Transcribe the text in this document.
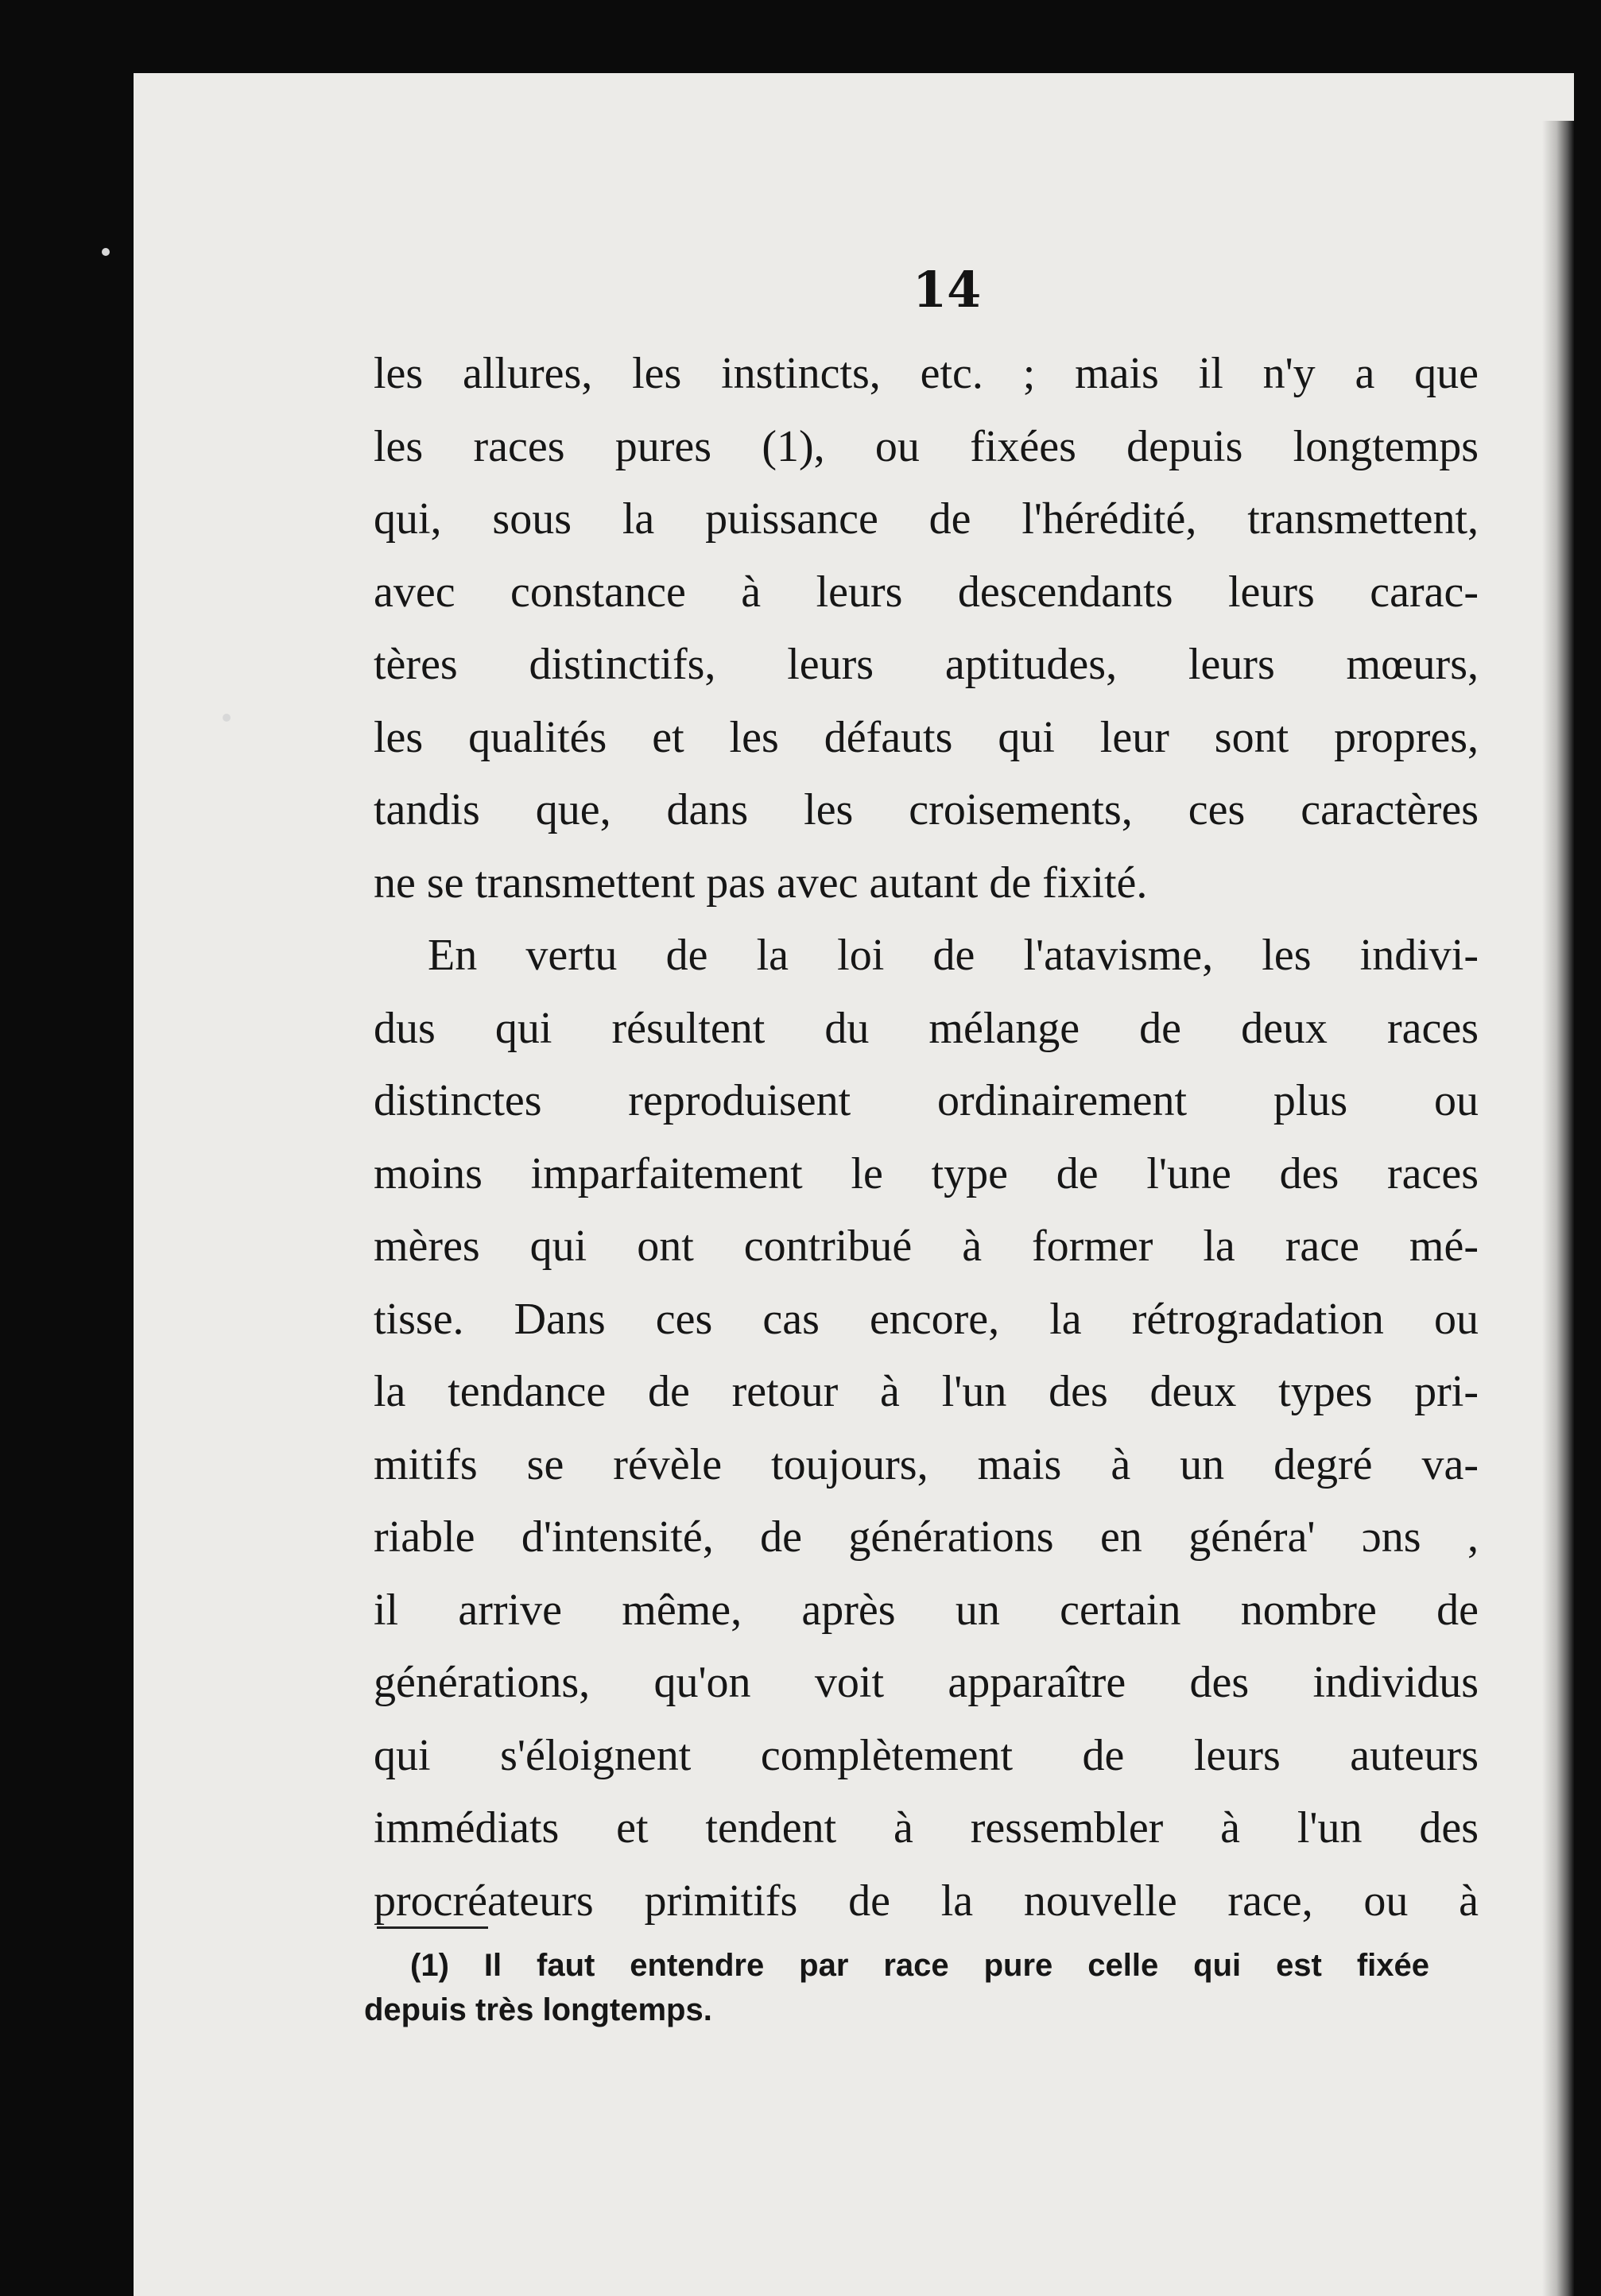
14
les allures, les instincts, etc. ; mais il n'y a que
les races pures (1), ou fixées depuis longtemps
qui, sous la puissance de l'hérédité, transmettent,
avec constance à leurs descendants leurs carac-
tères distinctifs, leurs aptitudes, leurs mœurs,
les qualités et les défauts qui leur sont propres,
tandis que, dans les croisements, ces caractères
ne se transmettent pas avec autant de fixité.
En vertu de la loi de l'atavisme, les indivi-
dus qui résultent du mélange de deux races
distinctes reproduisent ordinairement plus ou
moins imparfaitement le type de l'une des races
mères qui ont contribué à former la race mé-
tisse. Dans ces cas encore, la rétrogradation ou
la tendance de retour à l'un des deux types pri-
mitifs se révèle toujours, mais à un degré va-
riable d'intensité, de générations en généra' ɔns ,
il arrive même, après un certain nombre de
générations, qu'on voit apparaître des individus
qui s'éloignent complètement de leurs auteurs
immédiats et tendent à ressembler à l'un des
procréateurs primitifs de la nouvelle race, ou à
(1) Il faut entendre par race pure celle qui est fixée
depuis très longtemps.
